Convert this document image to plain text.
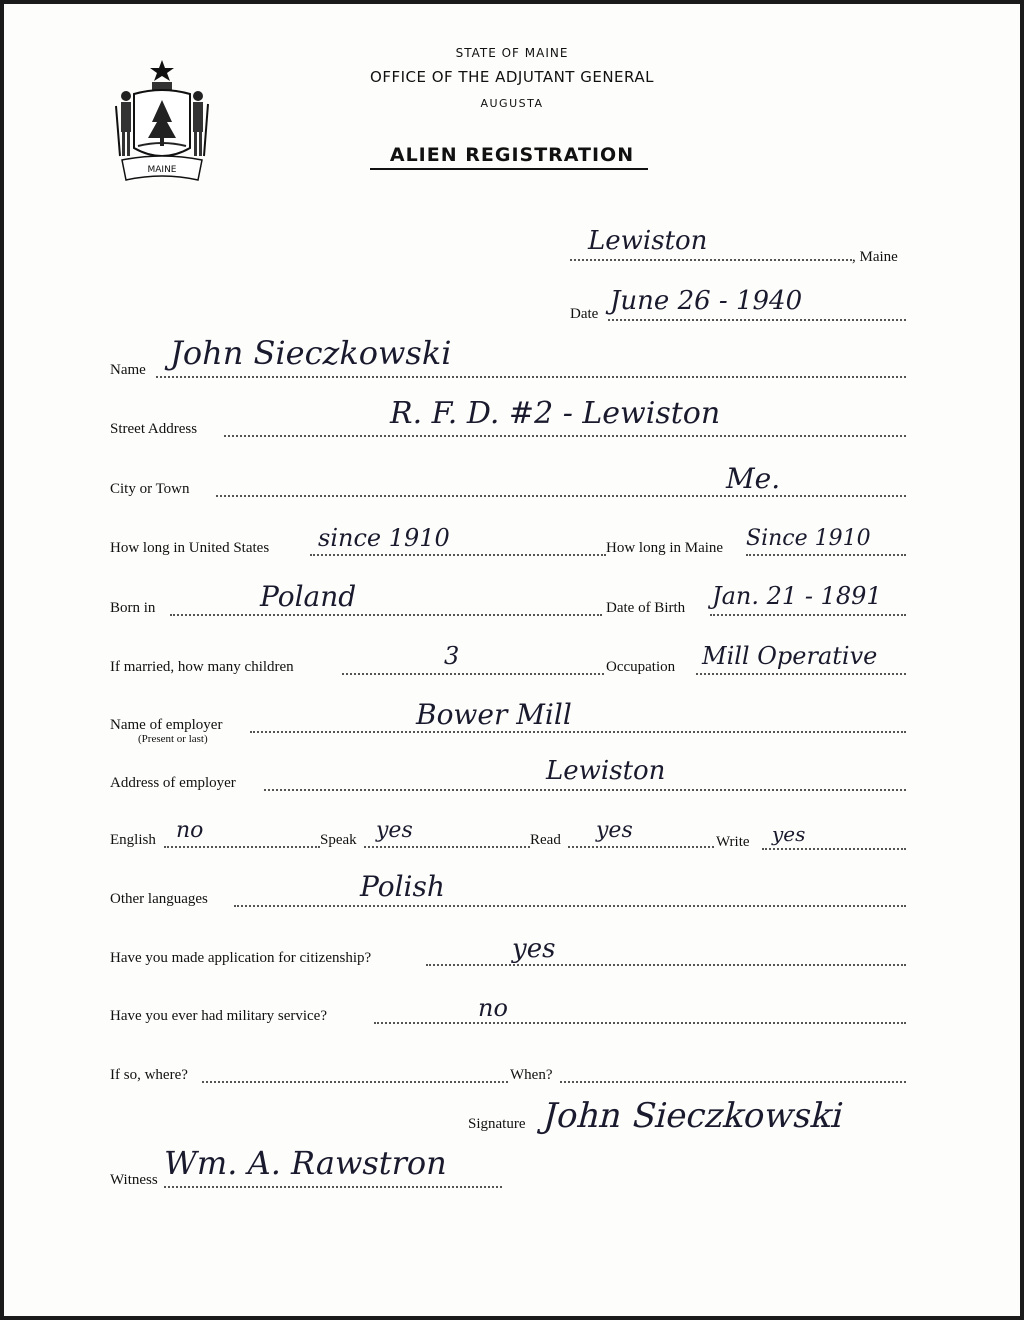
MAINE
STATE OF MAINE
OFFICE OF THE ADJUTANT GENERAL
AUGUSTA
ALIEN REGISTRATION
Lewiston
, Maine
Date June 26 - 1940
Name John Sieczkowski
Street Address	R. F. D. #2 - Lewiston
City or Town	Me.
How long in United States since 1910	How long in Maine Since 1910
Born in	Poland	Date of Birth Jan. 21 - 1891
If married, how many children	3	Occupation Mill Operative
Name of employer
(Present or last)
Bower Mill
Address of employer	Lewiston
English no	Speak yes	Read yes	Write yes
Other languages	Polish
Have you made application for citizenship?	yes
Have you ever had military service?	no
If so, where?	When?
Signature John Sieczkowski
Witness Wm. A. Rawstron
